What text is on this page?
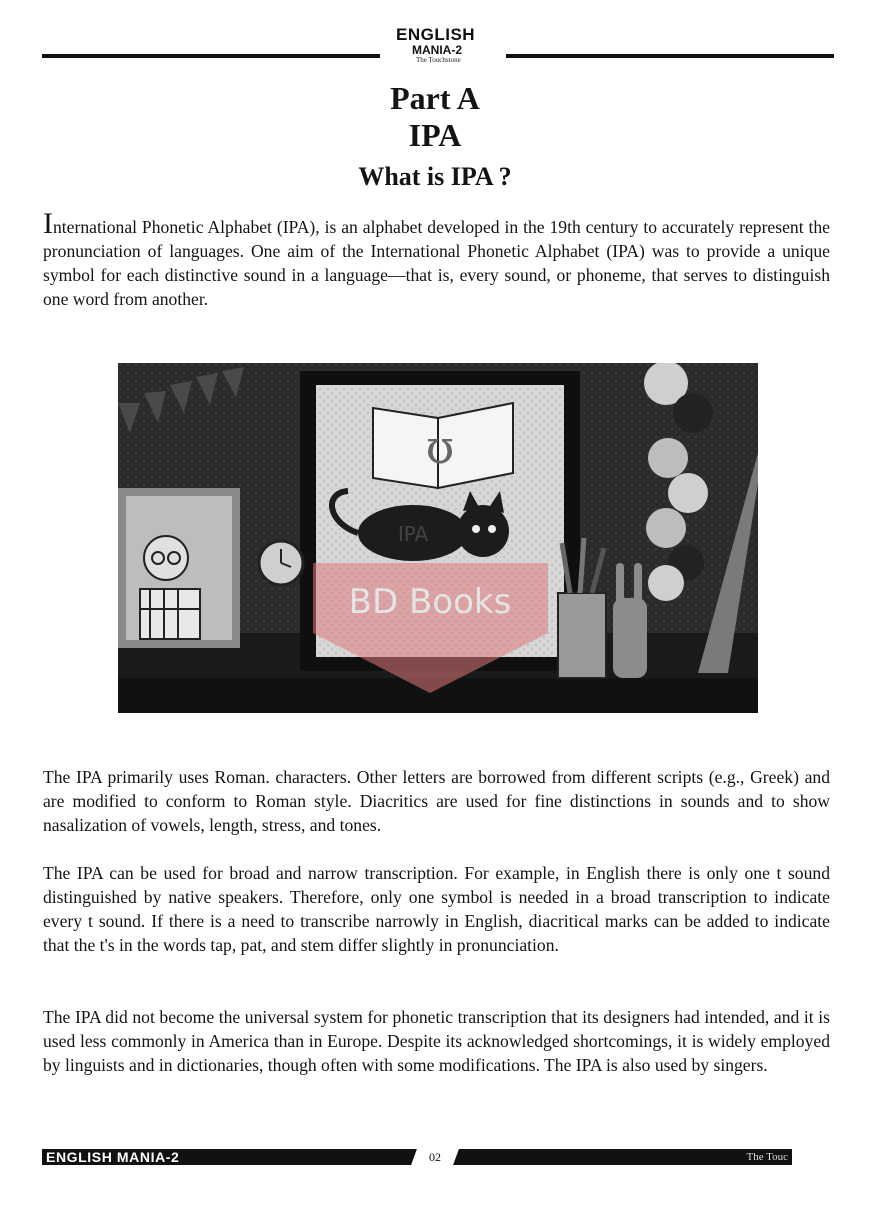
ENGLISH
MANIA-2
The Touchstone
Part A
IPA
What is IPA ?
International Phonetic Alphabet (IPA), is an alphabet developed in the 19th century to accurately represent the pronunciation of languages. One aim of the International Phonetic Alphabet (IPA) was to provide a unique symbol for each distinctive sound in a language—that is, every sound, or phoneme, that serves to distinguish one word from another.
ʊ
IPA
BD Books
The IPA primarily uses Roman. characters. Other letters are borrowed from different scripts (e.g., Greek) and are modified to conform to Roman style. Diacritics are used for fine distinctions in sounds and to show nasalization of vowels, length, stress, and tones.
The IPA can be used for broad and narrow transcription. For example, in English there is only one t sound distinguished by native speakers. Therefore, only one symbol is needed in a broad transcription to indicate every t sound. If there is a need to transcribe narrowly in English, diacritical marks can be added to indicate that the t's in the words tap, pat, and stem differ slightly in pronunciation.
The IPA did not become the universal system for phonetic transcription that its designers had intended, and it is used less commonly in America than in Europe. Despite its acknowledged shortcomings, it is widely employed by linguists and in dictionaries, though often with some modifications. The IPA is also used by singers.
ENGLISH MANIA-2	02	The Touc
